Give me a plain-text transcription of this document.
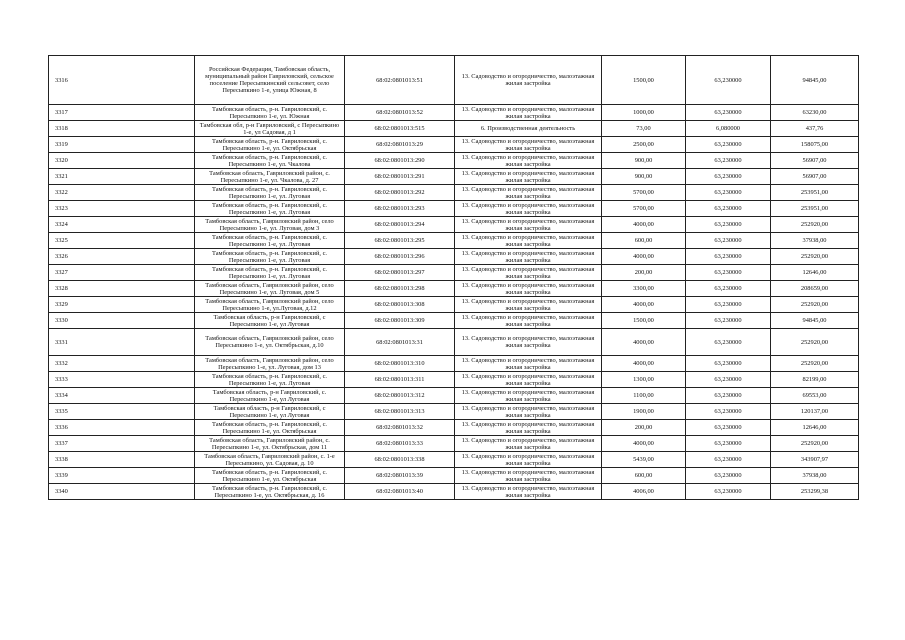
3316	Российская Федерация, Тамбовская область, муниципальный район Гавриловский, сельское поселение Пересыпкинский сельсовет, село Пересыпкино 1-е, улица Южная, 8	68:02:0801013:51	13. Садоводство и огородничество, малоэтажная жилая застройка	1500,00	63,230000	94845,00
3317	Тамбовская область, р-н. Гавриловский, с. Пересыпкино 1-е, ул. Южная	68:02:0801013:52	13. Садоводство и огородничество, малоэтажная жилая застройка	1000,00	63,230000	63230,00
3318	Тамбовская обл, р-н Гавриловский, с Пересыпкино 1-е, ул Садовая, д 1	68:02:0801013:515	6. Производственная деятельность	73,00	6,080000	437,76
3319	Тамбовская область, р-н. Гавриловский, с. Пересыпкино 1-е, ул. Октябрьская	68:02:0801013:29	13. Садоводство и огородничество, малоэтажная жилая застройка	2500,00	63,230000	158075,00
3320	Тамбовская область, р-н. Гавриловский, с. Пересыпкино 1-е, ул. Чкалова	68:02:0801013:290	13. Садоводство и огородничество, малоэтажная жилая застройка	900,00	63,230000	56907,00
3321	Тамбовская область, Гавриловский район, с. Пересыпкино 1-е, ул. Чкалова, д. 27	68:02:0801013:291	13. Садоводство и огородничество, малоэтажная жилая застройка	900,00	63,230000	56907,00
3322	Тамбовская область, р-н. Гавриловский, с. Пересыпкино 1-е, ул. Луговая	68:02:0801013:292	13. Садоводство и огородничество, малоэтажная жилая застройка	5700,00	63,230000	253951,00
3323	Тамбовская область, р-н. Гавриловский, с. Пересыпкино 1-е, ул. Луговая	68:02:0801013:293	13. Садоводство и огородничество, малоэтажная жилая застройка	5700,00	63,230000	253951,00
3324	Тамбовская область, Гавриловский район, село Пересыпкино 1-е, ул. Луговая, дом 3	68:02:0801013:294	13. Садоводство и огородничество, малоэтажная жилая застройка	4000,00	63,230000	252920,00
3325	Тамбовская область, р-н. Гавриловский, с. Пересыпкино 1-е, ул. Луговая	68:02:0801013:295	13. Садоводство и огородничество, малоэтажная жилая застройка	600,00	63,230000	37938,00
3326	Тамбовская область, р-н. Гавриловский, с. Пересыпкино 1-е, ул. Луговая	68:02:0801013:296	13. Садоводство и огородничество, малоэтажная жилая застройка	4000,00	63,230000	252920,00
3327	Тамбовская область, р-н. Гавриловский, с. Пересыпкино 1-е, ул. Луговая	68:02:0801013:297	13. Садоводство и огородничество, малоэтажная жилая застройка	200,00	63,230000	12646,00
3328	Тамбовская область, Гавриловский район, село Пересыпкино 1-е, ул. Луговая, дом 5	68:02:0801013:298	13. Садоводство и огородничество, малоэтажная жилая застройка	3300,00	63,230000	208659,00
3329	Тамбовская область, Гавриловский район, село Пересыпкино 1-е, ул.Луговая, д.12	68:02:0801013:308	13. Садоводство и огородничество, малоэтажная жилая застройка	4000,00	63,230000	252920,00
3330	Тамбовская область, р-н Гавриловский, с Пересыпкино 1-е, ул Луговая	68:02:0801013:309	13. Садоводство и огородничество, малоэтажная жилая застройка	1500,00	63,230000	94845,00
3331	Тамбовская область, Гавриловский район, село Пересыпкино 1-е, ул. Октябрьская, д.10	68:02:0801013:31	13. Садоводство и огородничество, малоэтажная жилая застройка	4000,00	63,230000	252920,00
3332	Тамбовская область, Гавриловский район, село Пересыпкино 1-е, ул. Луговая, дом 13	68:02:0801013:310	13. Садоводство и огородничество, малоэтажная жилая застройка	4000,00	63,230000	252920,00
3333	Тамбовская область, р-н. Гавриловский, с. Пересыпкино 1-е, ул. Луговая	68:02:0801013:311	13. Садоводство и огородничество, малоэтажная жилая застройка	1300,00	63,230000	82199,00
3334	Тамбовская область, р-н Гавриловский, с. Пересыпкино 1-е, ул Луговая	68:02:0801013:312	13. Садоводство и огородничество, малоэтажная жилая застройка	1100,00	63,230000	69553,00
3335	Тамбовская область, р-н Гавриловский, с Пересыпкино 1-е, ул Луговая	68:02:0801013:313	13. Садоводство и огородничество, малоэтажная жилая застройка	1900,00	63,230000	120137,00
3336	Тамбовская область, р-н. Гавриловский, с. Пересыпкино 1-е, ул. Октябрьская	68:02:0801013:32	13. Садоводство и огородничество, малоэтажная жилая застройка	200,00	63,230000	12646,00
3337	Тамбовская область, Гавриловский район, с. Пересыпкино 1-е, ул. Октябрьская, дом 11	68:02:0801013:33	13. Садоводство и огородничество, малоэтажная жилая застройка	4000,00	63,230000	252920,00
3338	Тамбовская область, Гавриловский район, с. 1-е Пересыпкино, ул. Садовая, д. 10	68:02:0801013:338	13. Садоводство и огородничество, малоэтажная жилая застройка	5439,00	63,230000	343907,97
3339	Тамбовская область, р-н. Гавриловский, с. Пересыпкино 1-е, ул. Октябрьская	68:02:0801013:39	13. Садоводство и огородничество, малоэтажная жилая застройка	600,00	63,230000	37938,00
3340	Тамбовская область, р-н. Гавриловский, с. Пересыпкино 1-е, ул. Октябрьская, д. 16	68:02:0801013:40	13. Садоводство и огородничество, малоэтажная жилая застройка	4006,00	63,230000	253299,38
